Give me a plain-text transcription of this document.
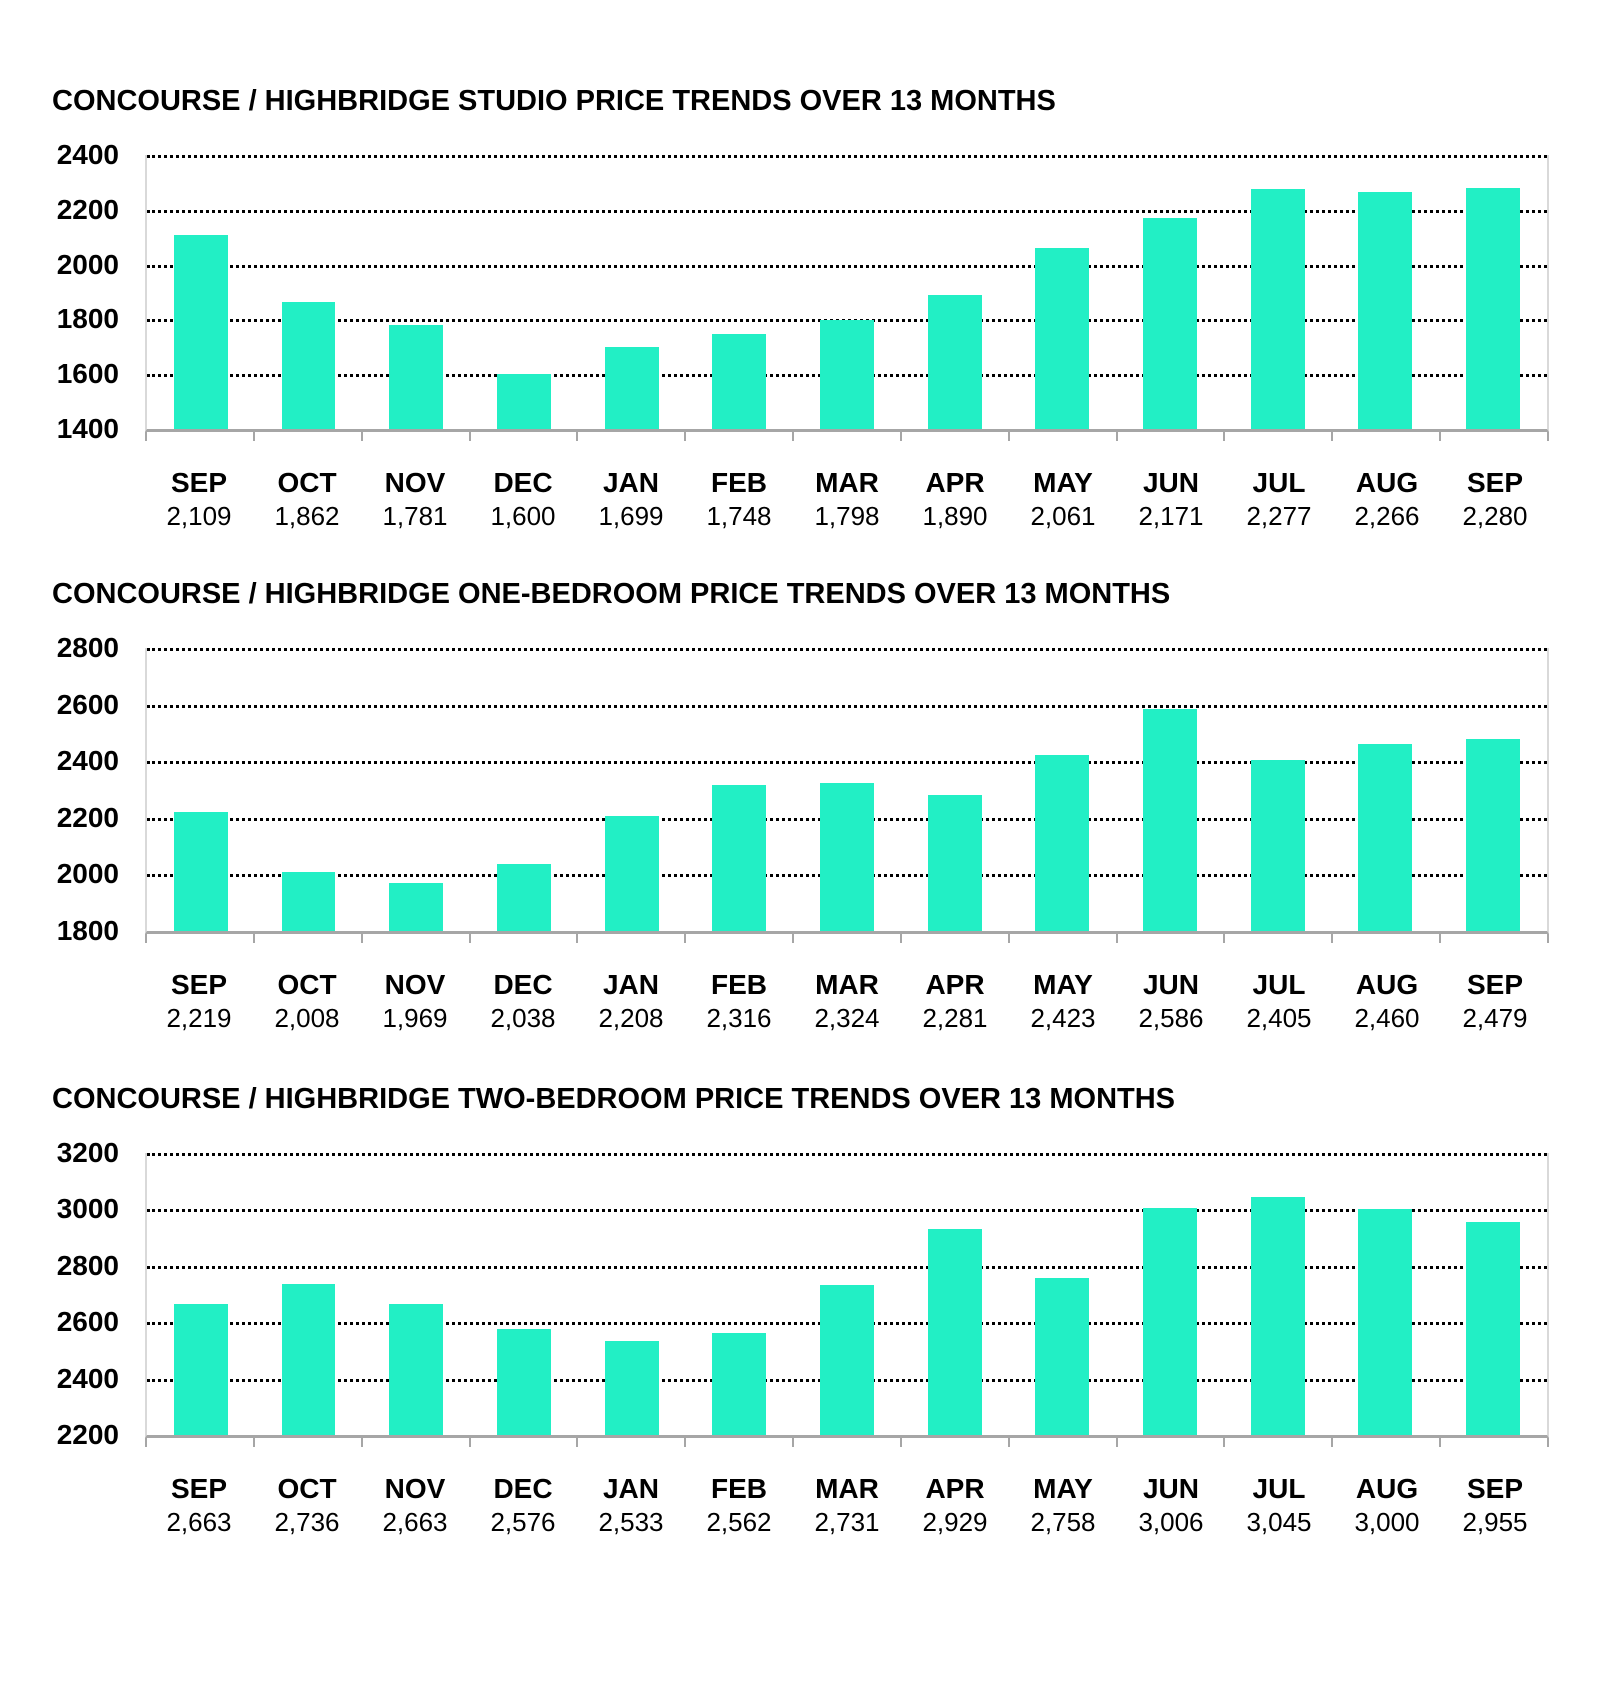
CONCOURSE / HIGHBRIDGE STUDIO PRICE TRENDS OVER 13 MONTHS
2400
2200
2000
1800
1600
1400
SEP
2,109
OCT
1,862
NOV
1,781
DEC
1,600
JAN
1,699
FEB
1,748
MAR
1,798
APR
1,890
MAY
2,061
JUN
2,171
JUL
2,277
AUG
2,266
SEP
2,280
CONCOURSE / HIGHBRIDGE ONE-BEDROOM PRICE TRENDS OVER 13 MONTHS
2800
2600
2400
2200
2000
1800
SEP
2,219
OCT
2,008
NOV
1,969
DEC
2,038
JAN
2,208
FEB
2,316
MAR
2,324
APR
2,281
MAY
2,423
JUN
2,586
JUL
2,405
AUG
2,460
SEP
2,479
CONCOURSE / HIGHBRIDGE TWO-BEDROOM PRICE TRENDS OVER 13 MONTHS
3200
3000
2800
2600
2400
2200
SEP
2,663
OCT
2,736
NOV
2,663
DEC
2,576
JAN
2,533
FEB
2,562
MAR
2,731
APR
2,929
MAY
2,758
JUN
3,006
JUL
3,045
AUG
3,000
SEP
2,955
